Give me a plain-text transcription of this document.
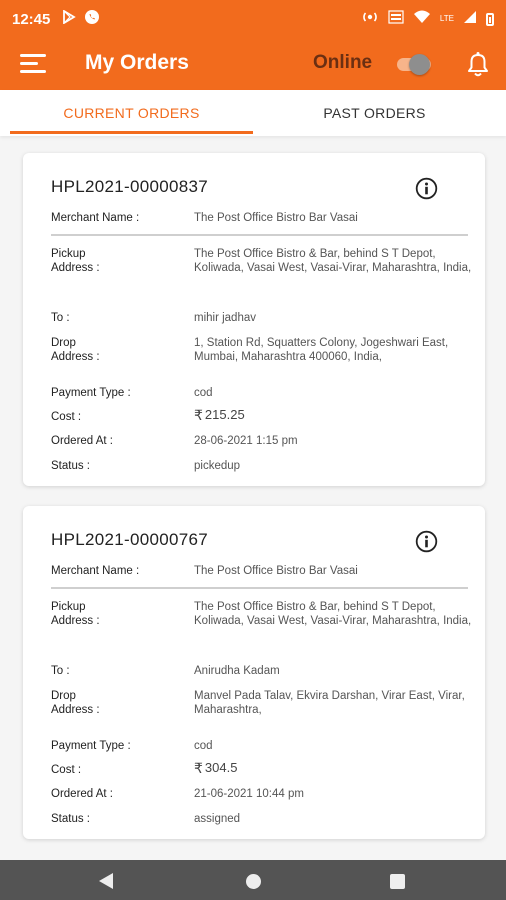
12:45	LTE
My Orders	Online
CURRENT ORDERS	PAST ORDERS
HPL2021-00000837
Merchant Name :	The Post Office Bistro Bar Vasai
Pickup
Address :
The Post Office Bistro & Bar, behind S T Depot, Koliwada, Vasai West, Vasai-Virar, Maharashtra, India,
To :	mihir jadhav
Drop
Address :
1, Station Rd, Squatters Colony, Jogeshwari East, Mumbai, Maharashtra 400060, India,
Payment Type :	cod
Cost :	₹ 215.25
Ordered At :	28-06-2021 1:15 pm
Status :	pickedup
HPL2021-00000767
Merchant Name :	The Post Office Bistro Bar Vasai
Pickup
Address :
The Post Office Bistro & Bar, behind S T Depot, Koliwada, Vasai West, Vasai-Virar, Maharashtra, India,
To :	Anirudha Kadam
Drop
Address :
Manvel Pada Talav, Ekvira Darshan, Virar East, Virar, Maharashtra,
Payment Type :	cod
Cost :	₹ 304.5
Ordered At :	21-06-2021 10:44 pm
Status :	assigned
